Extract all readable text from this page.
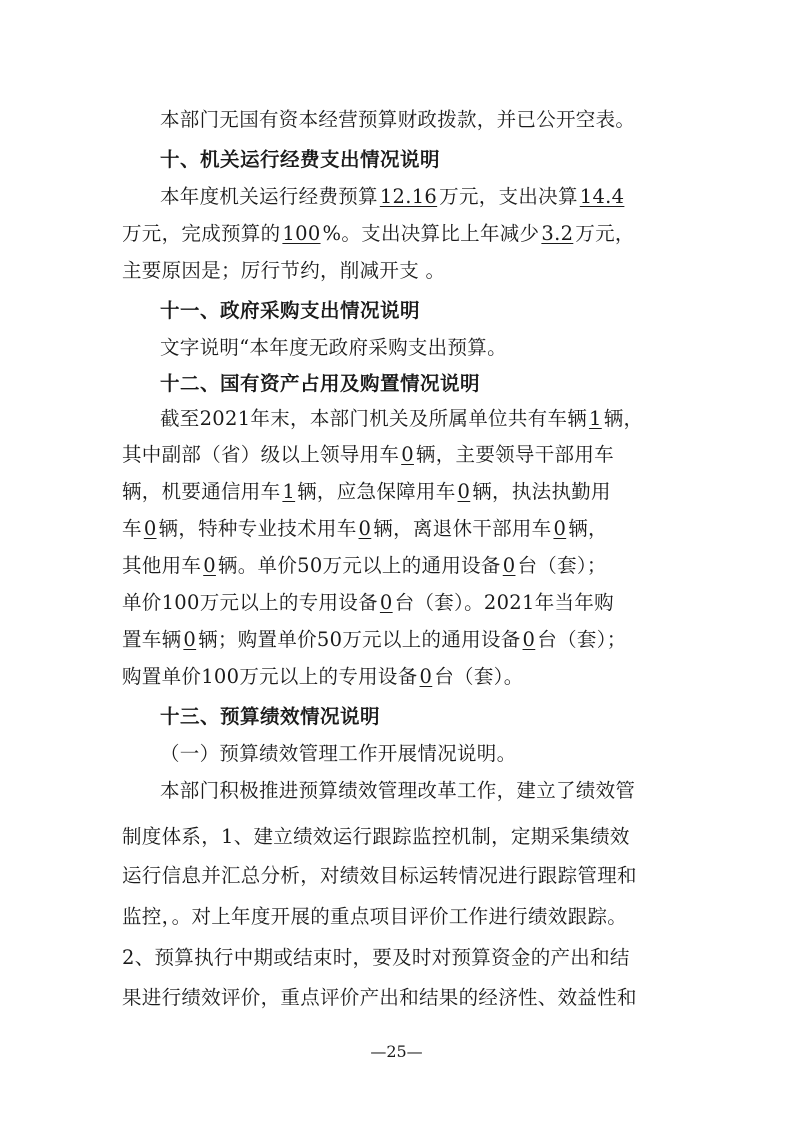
本部门无国有资本经营预算财政拨款，并已公开空表。
十、机关运行经费支出情况说明
本年度机关运行经费预算 12.16 万元，支出决算 14.4
万元，完成预算的 100 %。支出决算比上年减少 3.2 万元，
主要原因是；厉行节约，削减开支 。
十一、政府采购支出情况说明
文字说明“本年度无政府采购支出预算。
十二、国有资产占用及购置情况说明
截至2021年末，本部门机关及所属单位共有车辆 1 辆，
其中副部（省）级以上领导用车 0 辆，主要领导干部用车
辆，机要通信用车 1 辆，应急保障用车 0 辆，执法执勤用
车 0 辆，特种专业技术用车 0 辆，离退休干部用车 0 辆，
其他用车 0 辆。单价50万元以上的通用设备 0 台（套）；
单价100万元以上的专用设备 0 台（套）。2021年当年购
置车辆 0 辆；购置单价50万元以上的通用设备 0 台（套）；
购置单价100万元以上的专用设备 0 台（套）。
十三、预算绩效情况说明
（一）预算绩效管理工作开展情况说明。
本部门积极推进预算绩效管理改革工作，建立了绩效管
制度体系，1、建立绩效运行跟踪监控机制，定期采集绩效
运行信息并汇总分析，对绩效目标运转情况进行跟踪管理和
监控，。对上年度开展的重点项目评价工作进行绩效跟踪。
2、预算执行中期或结束时，要及时对预算资金的产出和结
果进行绩效评价，重点评价产出和结果的经济性、效益性和
—25—
